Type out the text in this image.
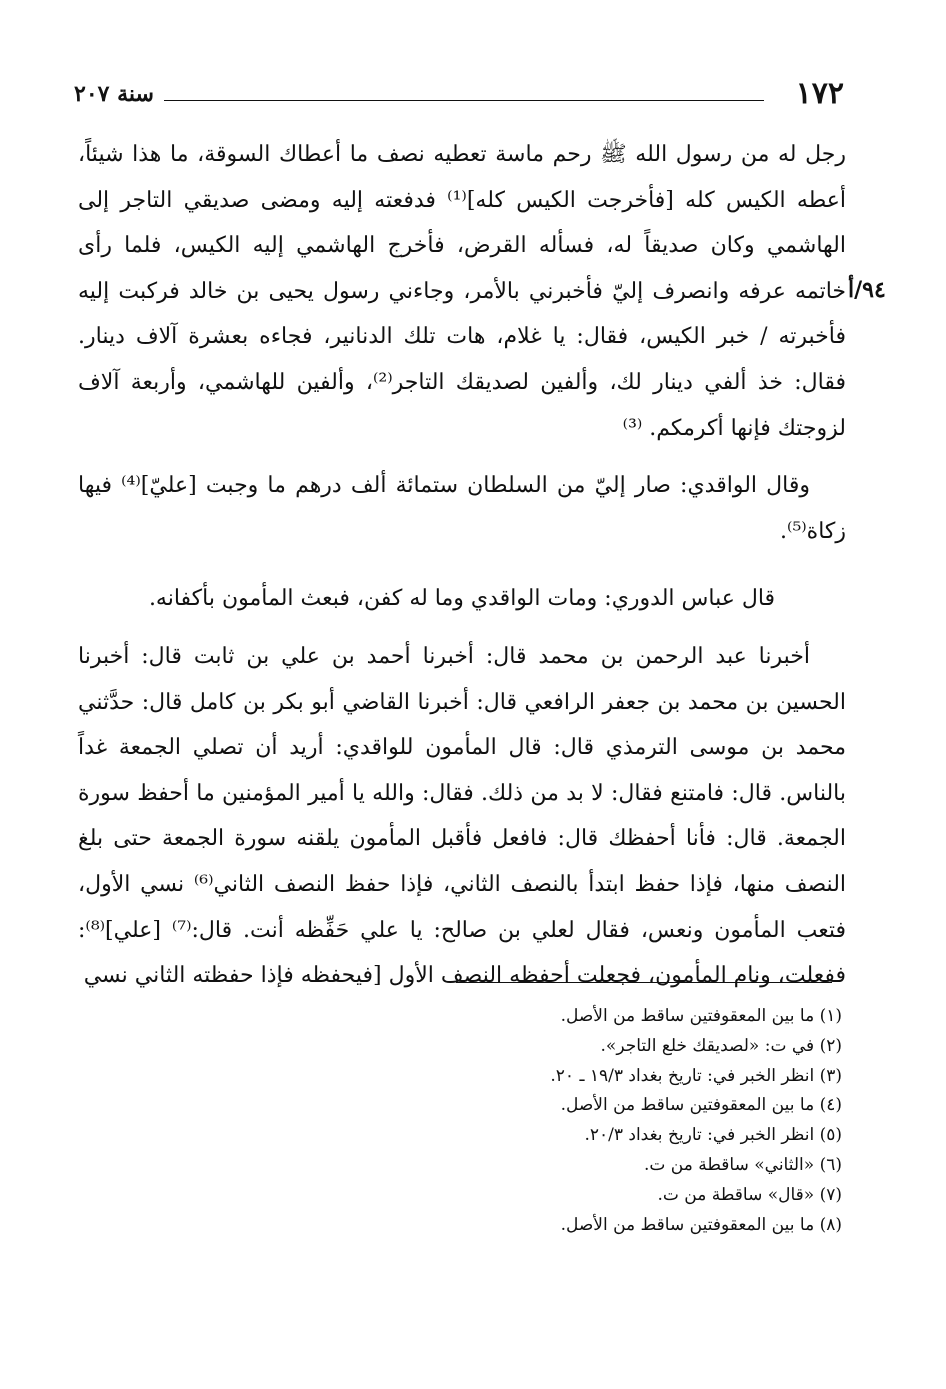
١٧٢
سنة ٢٠٧
٩٤/أ

رجل له من رسول الله ﷺ رحم ماسة تعطيه نصف ما أعطاك السوقة، ما هذا شيئاً، أعطه الكيس كله [فأخرجت الكيس كله]⁽¹⁾ فدفعته إليه ومضى صديقي التاجر إلى الهاشمي وكان صديقاً له، فسأله القرض، فأخرج الهاشمي إليه الكيس، فلما رأى خاتمه عرفه وانصرف إليّ فأخبرني بالأمر، وجاءني رسول يحيى بن خالد فركبت إليه فأخبرته / خبر الكيس، فقال: يا غلام، هات تلك الدنانير، فجاءه بعشرة آلاف دينار. فقال: خذ ألفي دينار لك، وألفين لصديقك التاجر⁽²⁾، وألفين للهاشمي، وأربعة آلاف لزوجتك فإنها أكرمكم. ⁽³⁾

وقال الواقدي: صار إليّ من السلطان ستمائة ألف درهم ما وجبت [عليّ]⁽⁴⁾ فيها زكاة⁽⁵⁾.

قال عباس الدوري: ومات الواقدي وما له كفن، فبعث المأمون بأكفانه.

أخبرنا عبد الرحمن بن محمد قال: أخبرنا أحمد بن علي بن ثابت قال: أخبرنا الحسين بن محمد بن جعفر الرافعي قال: أخبرنا القاضي أبو بكر بن كامل قال: حدَّثني محمد بن موسى الترمذي قال: قال المأمون للواقدي: أريد أن تصلي الجمعة غداً بالناس. قال: فامتنع فقال: لا بد من ذلك. فقال: والله يا أمير المؤمنين ما أحفظ سورة الجمعة. قال: فأنا أحفظك قال: فافعل فأقبل المأمون يلقنه سورة الجمعة حتى بلغ النصف منها، فإذا حفظ ابتدأ بالنصف الثاني، فإذا حفظ النصف الثاني⁽⁶⁾ نسي الأول، فتعب المأمون ونعس، فقال لعلي بن صالح: يا علي حَفِّظه أنت. قال:⁽⁷⁾ [علي]⁽⁸⁾: ففعلت، ونام المأمون، فجعلت أحفظه النصف الأول [فيحفظه فإذا حفظته الثاني نسي

(١) ما بين المعقوفتين ساقط من الأصل.
(٢) في ت: «لصديقك خلع التاجر».
(٣) انظر الخبر في: تاريخ بغداد ١٩/٣ ـ ٢٠.
(٤) ما بين المعقوفتين ساقط من الأصل.
(٥) انظر الخبر في: تاريخ بغداد ٢٠/٣.
(٦) «الثاني» ساقطة من ت.
(٧) «قال» ساقطة من ت.
(٨) ما بين المعقوفتين ساقط من الأصل.
